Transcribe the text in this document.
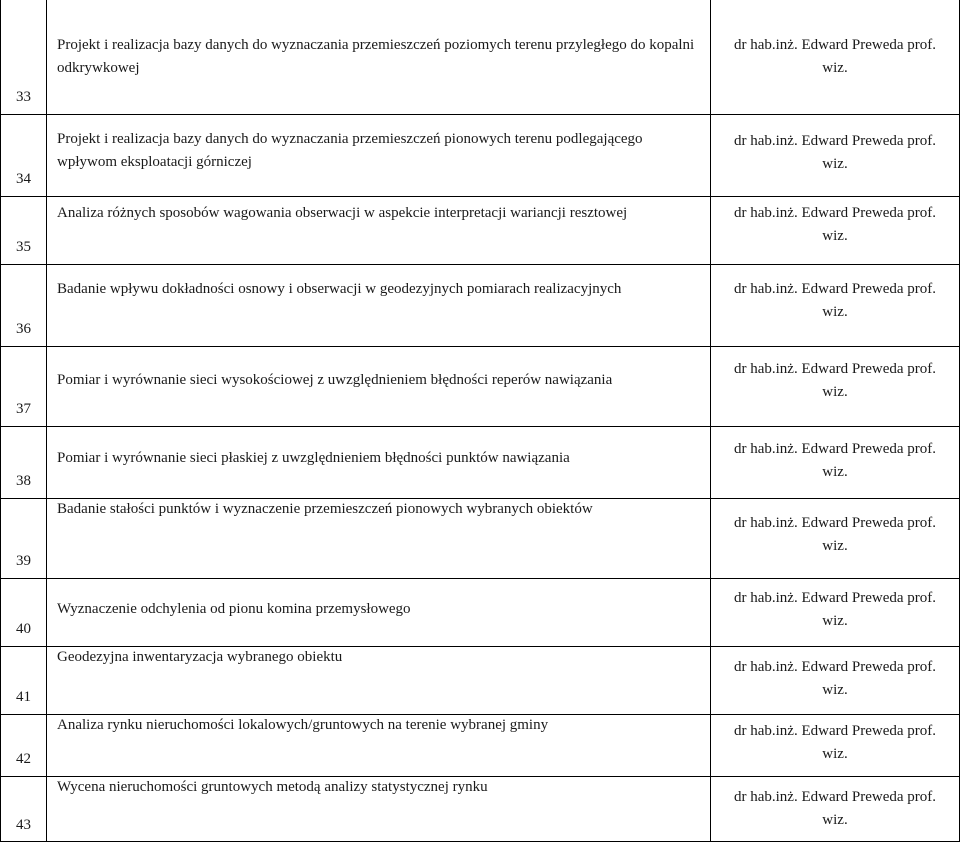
33
Projekt i realizacja bazy danych do wyznaczania przemieszczeń poziomych terenu przyległego do kopalni odkrywkowej
dr hab.inż. Edward Preweda prof.
wiz.
34
Projekt i realizacja bazy danych do wyznaczania przemieszczeń pionowych terenu podlegającego wpływom eksploatacji górniczej
dr hab.inż. Edward Preweda prof.
wiz.
35
Analiza różnych sposobów wagowania obserwacji w aspekcie interpretacji wariancji resztowej	dr hab.inż. Edward Preweda prof.
wiz.
36
Badanie wpływu dokładności osnowy i obserwacji w geodezyjnych pomiarach realizacyjnych	dr hab.inż. Edward Preweda prof.
wiz.
37
Pomiar i wyrównanie sieci wysokościowej z uwzględnieniem błędności reperów nawiązania
dr hab.inż. Edward Preweda prof.
wiz.
38
Pomiar i wyrównanie sieci płaskiej z uwzględnieniem błędności punktów nawiązania
dr hab.inż. Edward Preweda prof.
wiz.
39
Badanie stałości punktów i wyznaczenie przemieszczeń pionowych wybranych obiektów
dr hab.inż. Edward Preweda prof.
wiz.
40
Wyznaczenie odchylenia od pionu komina przemysłowego
dr hab.inż. Edward Preweda prof.
wiz.
41
Geodezyjna inwentaryzacja wybranego obiektu
dr hab.inż. Edward Preweda prof.
wiz.
42
Analiza rynku nieruchomości lokalowych/gruntowych na terenie wybranej gminy	dr hab.inż. Edward Preweda prof.
wiz.
43
Wycena nieruchomości gruntowych metodą analizy statystycznej rynku
dr hab.inż. Edward Preweda prof.
wiz.
